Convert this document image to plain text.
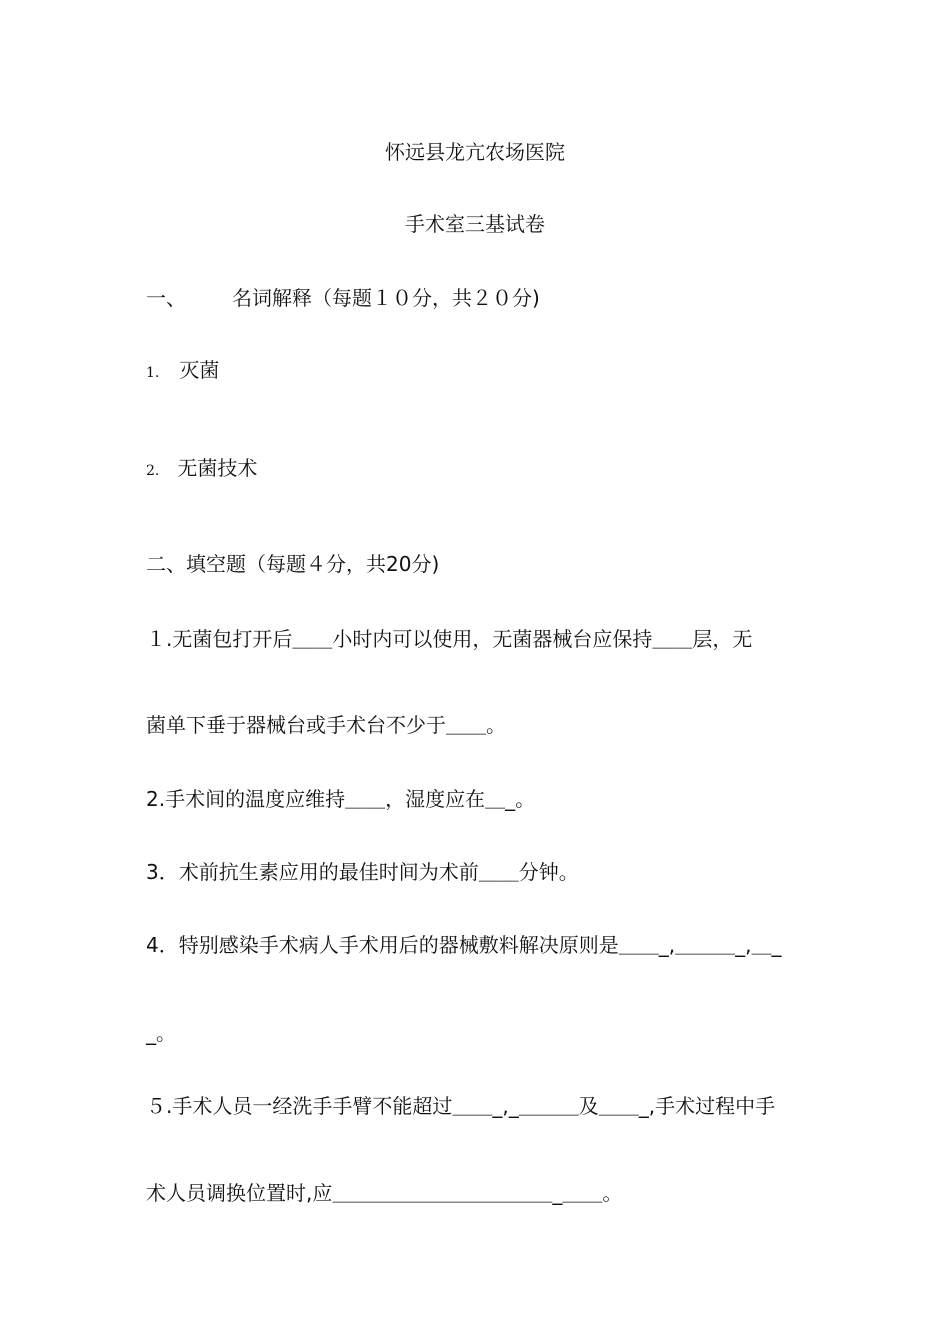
怀远县龙亢农场医院
手术室三基试卷
一、 名词解释（每题１０分，共２０分)
1. 灭菌
2. 无菌技术
二、填空题（每题４分，共20分)
１.无菌包打开后＿＿小时内可以使用，无菌器械台应保持＿＿层，无
菌单下垂于器械台或手术台不少于＿＿。
2.手术间的温度应维持＿＿，湿度应在＿_。
3．术前抗生素应用的最佳时间为术前＿＿分钟。
4．特别感染手术病人手术用后的器械敷料解决原则是＿＿_,＿＿＿_,＿_
_。
５.手术人员一经洗手手臂不能超过＿＿_,_＿＿＿及＿＿_,手术过程中手
术人员调换位置时,应＿＿＿＿＿＿＿＿＿＿＿_＿＿。
